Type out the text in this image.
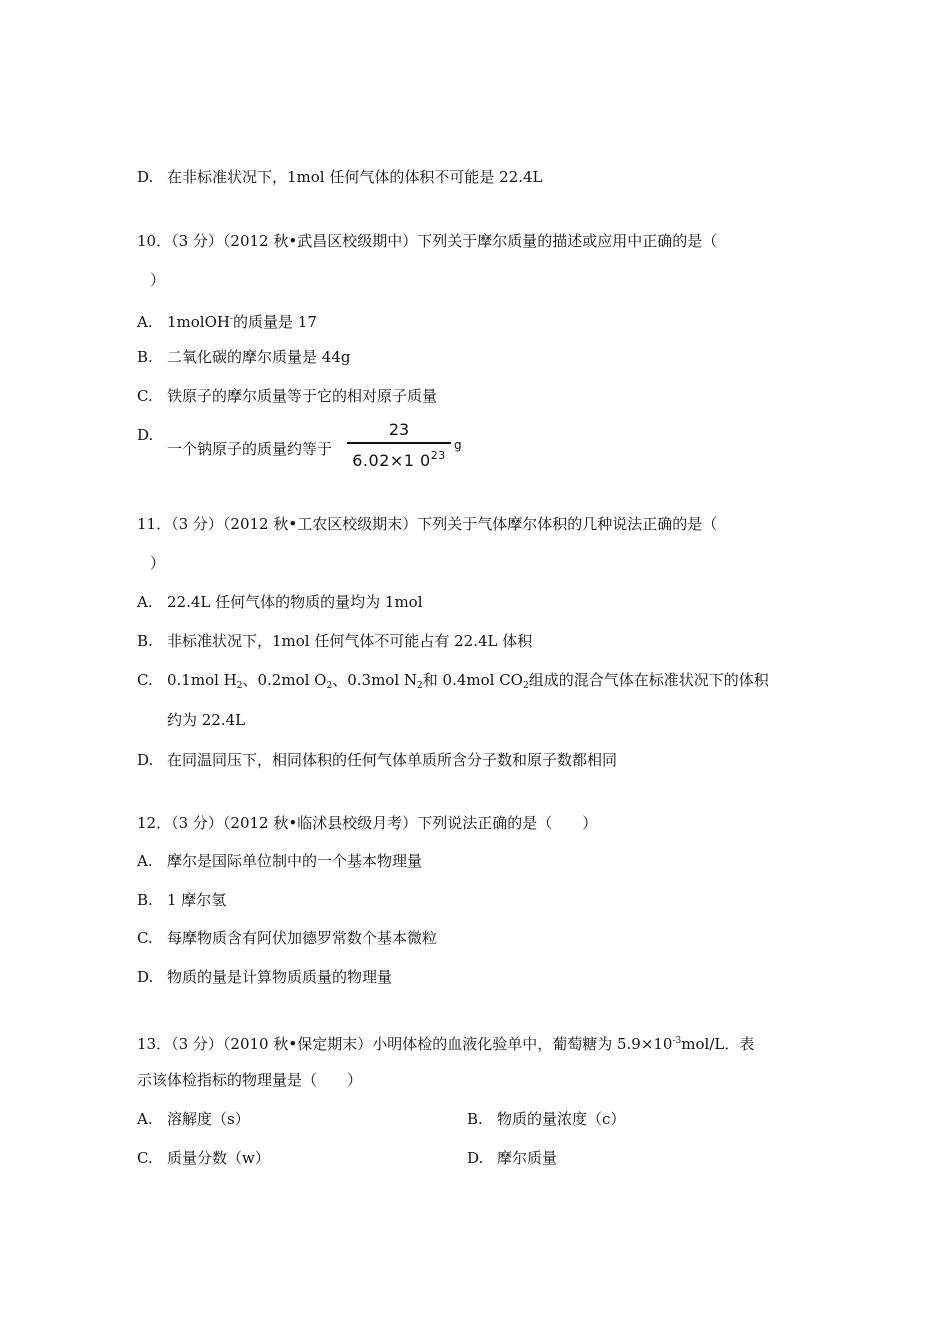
D. 在非标准状况下，1mol 任何气体的体积不可能是 22.4L
10．（3 分）（2012 秋•武昌区校级期中）下列关于摩尔质量的描述或应用中正确的是（
）
A. 1molOH-的质量是 17
B. 二氧化碳的摩尔质量是 44g
C. 铁原子的摩尔质量等于它的相对原子质量
D.
一个钠原子的质量约等于
23
6.02×1 $0^{23}$
g
11．（3 分）（2012 秋•工农区校级期末）下列关于气体摩尔体积的几种说法正确的是（
）
A. 22.4L 任何气体的物质的量均为 1mol
B. 非标准状况下，1mol 任何气体不可能占有 22.4L 体积
C. 0.1mol $H_2$、0.2mol $O_2$、0.3mol $N_2$和 0.4mol $CO_2$组成的混合气体在标准状况下的体积
约为 22.4L
D. 在同温同压下，相同体积的任何气体单质所含分子数和原子数都相同
12．（3 分）（2012 秋•临沭县校级月考）下列说法正确的是（　　）
A. 摩尔是国际单位制中的一个基本物理量
B. 1 摩尔氢
C. 每摩物质含有阿伏加德罗常数个基本微粒
D. 物质的量是计算物质质量的物理量
13．（3 分）（2010 秋•保定期末）小明体检的血液化验单中，葡萄糖为 $5.9\times 10^{-3}mol/L$．表
示该体检指标的物理量是（　　）
A. 溶解度（s）	B. 物质的量浓度（c）
C. 质量分数（w）	D. 摩尔质量
